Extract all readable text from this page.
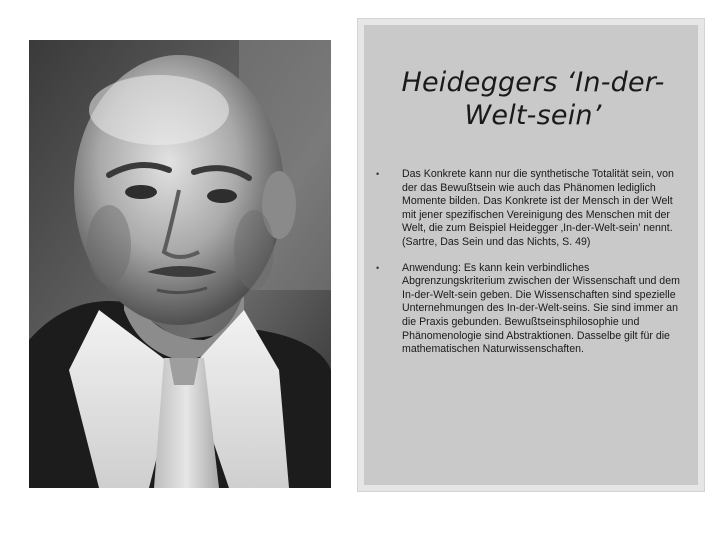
Heideggers ‘In-der-Welt-sein’
• Das Konkrete kann nur die synthetische Totalität sein, von der das Bewußtsein wie auch das Phänomen lediglich Momente bilden. Das Konkrete ist der Mensch in der Welt mit jener spezifischen Vereinigung des Menschen mit der Welt, die zum Beispiel Heidegger ‚In-der-Welt-sein’ nennt. (Sartre, Das Sein und das Nichts, S. 49)
• Anwendung: Es kann kein verbindliches Abgrenzungskriterium zwischen der Wissenschaft und dem In-der-Welt-sein geben. Die Wissenschaften sind spezielle Unternehmungen des In-der-Welt-seins. Sie sind immer an die Praxis gebunden. Bewußtseinsphilosophie und Phänomenologie sind Abstraktionen. Dasselbe gilt für die mathematischen Naturwissenschaften.
